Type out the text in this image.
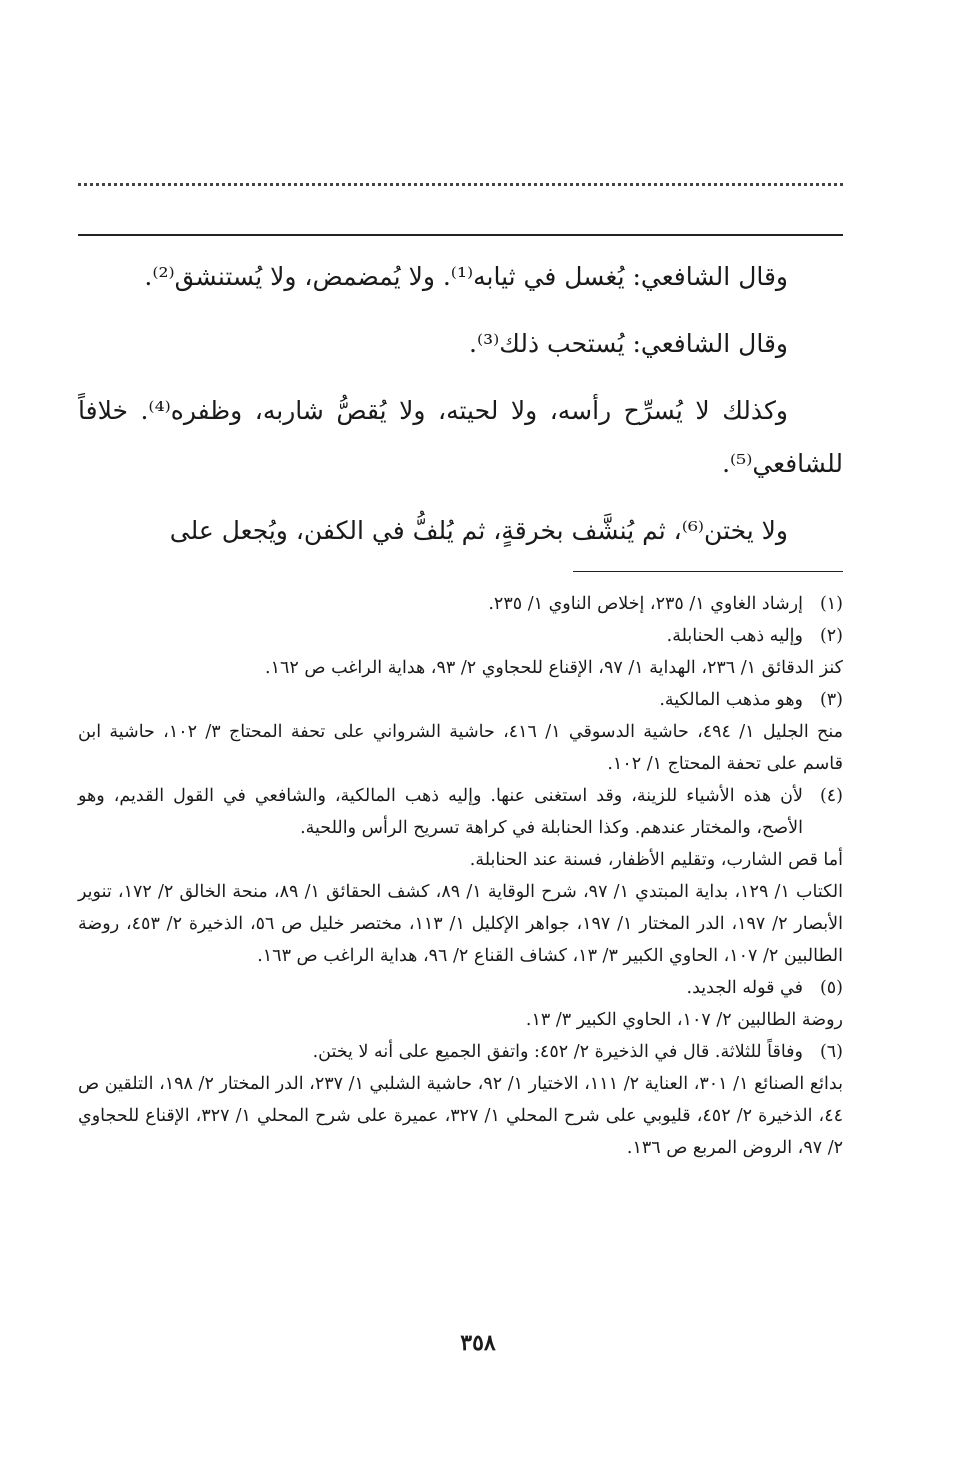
وقال الشافعي: يُغسل في ثيابه⁽¹⁾. ولا يُمضمض، ولا يُستنشق⁽²⁾.

وقال الشافعي: يُستحب ذلك⁽³⁾.

وكذلك لا يُسرِّح رأسه، ولا لحيته، ولا يُقصُّ شاربه، وظفره⁽⁴⁾. خلافاً للشافعي⁽⁵⁾.

ولا يختن⁽⁶⁾، ثم يُنشَّف بخرقةٍ، ثم يُلفُّ في الكفن، ويُجعل على

(١)
إرشاد الغاوي ١/ ٢٣٥، إخلاص الناوي ١/ ٢٣٥.
(٢)
وإليه ذهب الحنابلة.
كنز الدقائق ١/ ٢٣٦، الهداية ١/ ٩٧، الإقناع للحجاوي ٢/ ٩٣، هداية الراغب ص ١٦٢.
(٣)
وهو مذهب المالكية.
منح الجليل ١/ ٤٩٤، حاشية الدسوقي ١/ ٤١٦، حاشية الشرواني على تحفة المحتاج ٣/ ١٠٢، حاشية ابن قاسم على تحفة المحتاج ١/ ١٠٢.
(٤)
لأن هذه الأشياء للزينة، وقد استغنى عنها. وإليه ذهب المالكية، والشافعي في القول القديم، وهو الأصح، والمختار عندهم. وكذا الحنابلة في كراهة تسريح الرأس واللحية.
أما قص الشارب، وتقليم الأظفار، فسنة عند الحنابلة.
الكتاب ١/ ١٢٩، بداية المبتدي ١/ ٩٧، شرح الوقاية ١/ ٨٩، كشف الحقائق ١/ ٨٩، منحة الخالق ٢/ ١٧٢، تنوير الأبصار ٢/ ١٩٧، الدر المختار ١/ ١٩٧، جواهر الإكليل ١/ ١١٣، مختصر خليل ص ٥٦، الذخيرة ٢/ ٤٥٣، روضة الطالبين ٢/ ١٠٧، الحاوي الكبير ٣/ ١٣، كشاف القناع ٢/ ٩٦، هداية الراغب ص ١٦٣.
(٥)
في قوله الجديد.
روضة الطالبين ٢/ ١٠٧، الحاوي الكبير ٣/ ١٣.
(٦)
وفاقاً للثلاثة. قال في الذخيرة ٢/ ٤٥٢: واتفق الجميع على أنه لا يختن.
بدائع الصنائع ١/ ٣٠١، العناية ٢/ ١١١، الاختيار ١/ ٩٢، حاشية الشلبي ١/ ٢٣٧، الدر المختار ٢/ ١٩٨، التلقين ص ٤٤، الذخيرة ٢/ ٤٥٢، قليوبي على شرح المحلي ١/ ٣٢٧، عميرة على شرح المحلي ١/ ٣٢٧، الإقناع للحجاوي ٢/ ٩٧، الروض المربع ص ١٣٦.
٣٥٨
